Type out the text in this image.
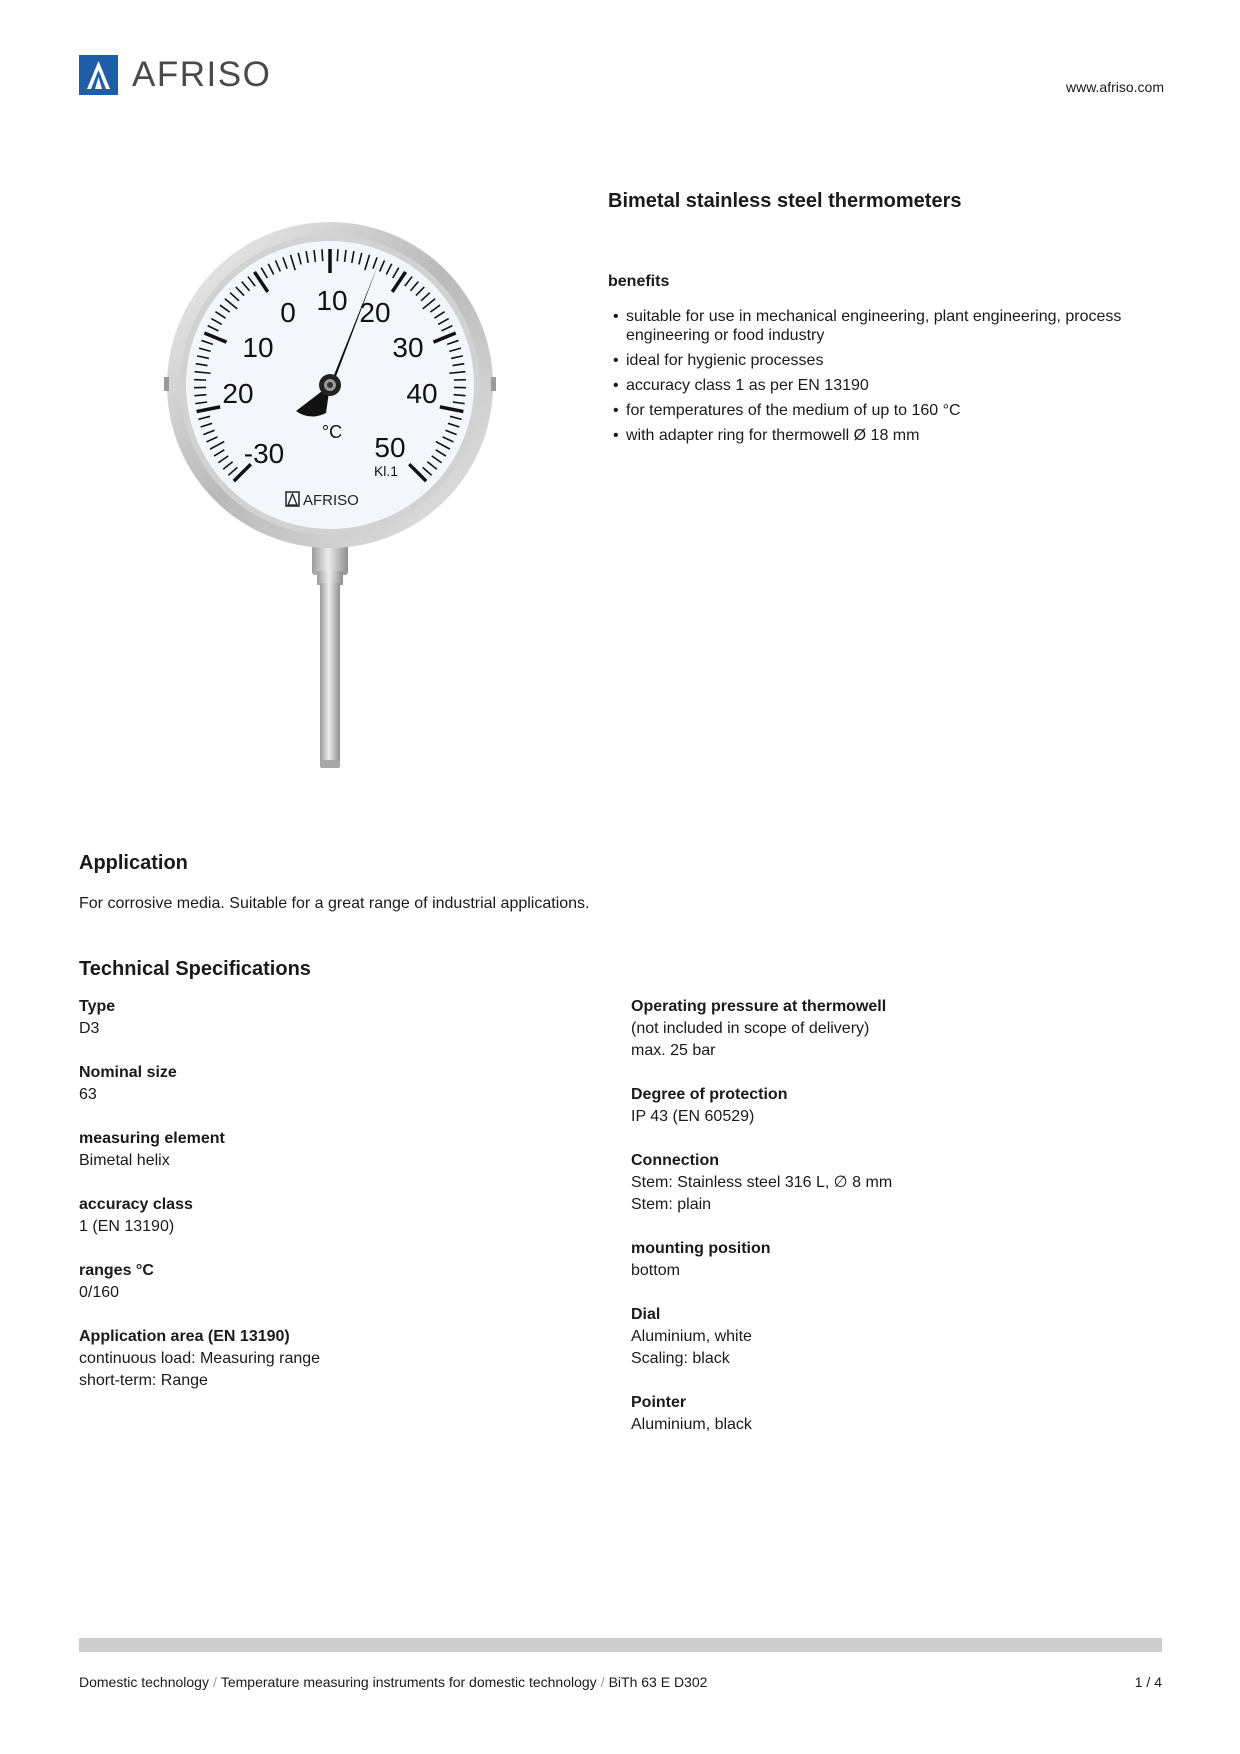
AFRISO	www.afriso.com
-30
20
10
0 10 20
30
40
50
°C
Kl.1
AFRISO
Bimetal stainless steel thermometers
benefits
• suitable for use in mechanical engineering, plant engineering, process engineering or food industry
• ideal for hygienic processes
• accuracy class 1 as per EN 13190
• for temperatures of the medium of up to 160 °C
• with adapter ring for thermowell Ø 18 mm
Application
For corrosive media. Suitable for a great range of industrial applications.
Technical Specifications
Type
D3
Nominal size
63
measuring element
Bimetal helix
accuracy class
1 (EN 13190)
ranges °C
0/160
Application area (EN 13190)
continuous load: Measuring range
short-term: Range
Operating pressure at thermowell
(not included in scope of delivery)
max. 25 bar
Degree of protection
IP 43 (EN 60529)
Connection
Stem: Stainless steel 316 L, ∅ 8 mm
Stem: plain
mounting position
bottom
Dial
Aluminium, white
Scaling: black
Pointer
Aluminium, black
Domestic technology / Temperature measuring instruments for domestic technology / BiTh 63 E D302	1 / 4
